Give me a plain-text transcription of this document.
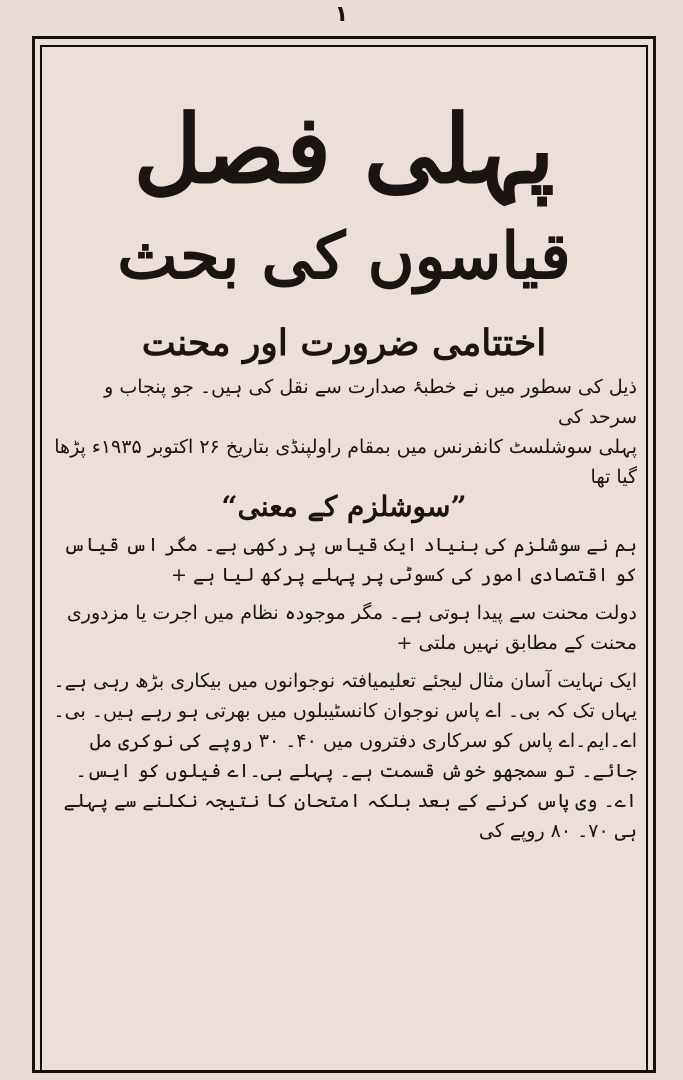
۱
پہلی فصل
قیاسوں کی بحث
اختتامی ضرورت اور محنت

ذیل کی سطور میں نے خطبۂ صدارت سے نقل کی ہیں۔ جو پنجاب و سرحد کی

پہلی سوشلسٹ کانفرنس میں بمقام راولپنڈی بتاریخ ۲۶ اکتوبر ۱۹۳۵ء پڑھا گیا تھا

”سوشلزم کے معنی“

ہم نے سوشلزم کی بنیاد ایک قیاس پر رکھی ہے۔ مگر اس قیاس کو اقتصادی امور کی کسوٹی پر پہلے پرکھ لیا ہے +

دولت محنت سے پیدا ہوتی ہے۔ مگر موجودہ نظام میں اجرت یا مزدوری محنت کے مطابق نہیں ملتی +

ایک نہایت آسان مثال لیجئے تعلیمیافتہ نوجوانوں میں بیکاری بڑھ رہی ہے۔ یہاں تک کہ بی۔ اے پاس نوجوان کانسٹیبلوں میں بھرتی ہو رہے ہیں۔ بی۔اے۔ایم۔اے پاس کو سرکاری دفتروں میں ۴۰۔ ۳۰ روپے کی نوکری مل جائے۔ تو سمجھو خوش قسمت ہے۔ پہلے بی۔اے فیلوں کو ایس۔اے۔ وی پاس کرنے کے بعد بلکہ امتحان کا نتیجہ نکلنے سے پہلے ہی ۷۰۔ ۸۰ روپے کی
